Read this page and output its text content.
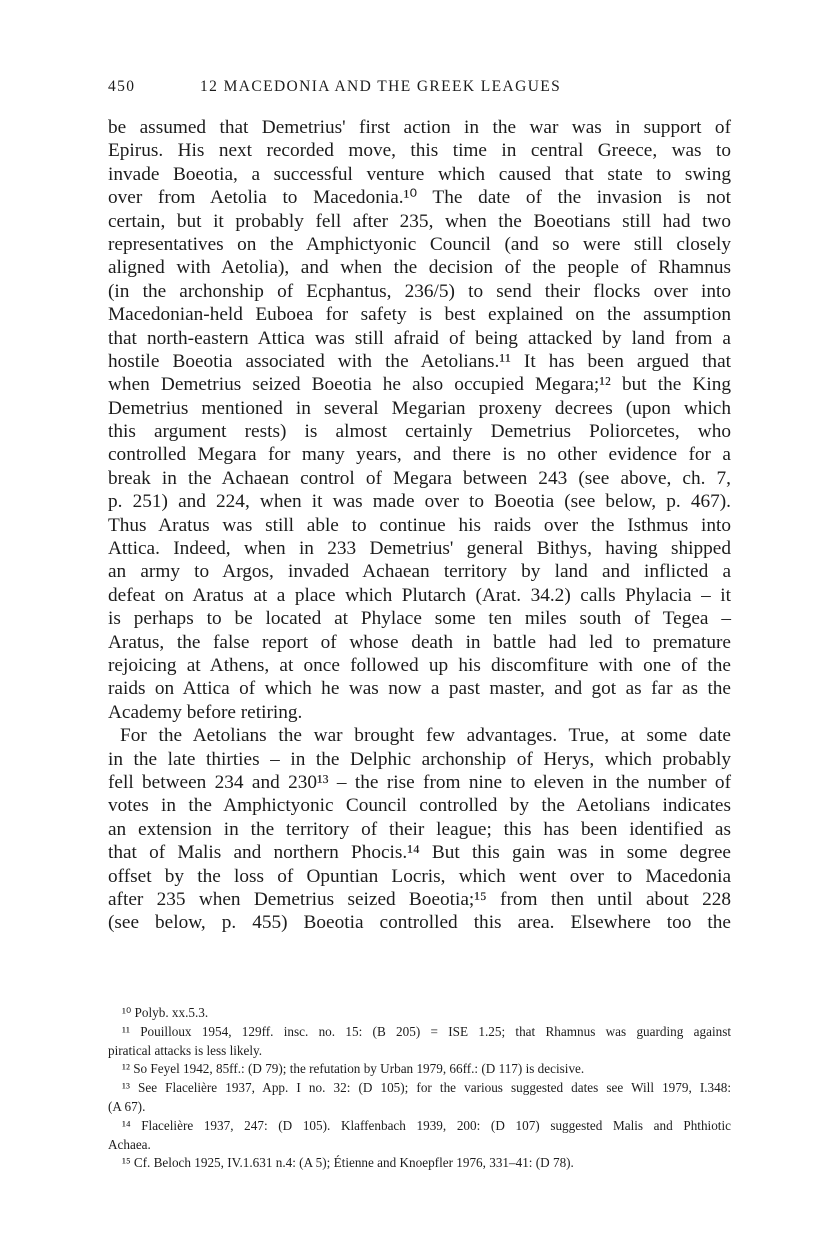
450	12 MACEDONIA AND THE GREEK LEAGUES
be assumed that Demetrius' first action in the war was in support of
Epirus. His next recorded move, this time in central Greece, was to
invade Boeotia, a successful venture which caused that state to swing
over from Aetolia to Macedonia.¹⁰ The date of the invasion is not
certain, but it probably fell after 235, when the Boeotians still had two
representatives on the Amphictyonic Council (and so were still closely
aligned with Aetolia), and when the decision of the people of Rhamnus
(in the archonship of Ecphantus, 236/5) to send their flocks over into
Macedonian-held Euboea for safety is best explained on the assumption
that north-eastern Attica was still afraid of being attacked by land from a
hostile Boeotia associated with the Aetolians.¹¹ It has been argued that
when Demetrius seized Boeotia he also occupied Megara;¹² but the King
Demetrius mentioned in several Megarian proxeny decrees (upon which
this argument rests) is almost certainly Demetrius Poliorcetes, who
controlled Megara for many years, and there is no other evidence for a
break in the Achaean control of Megara between 243 (see above, ch. 7,
p. 251) and 224, when it was made over to Boeotia (see below, p. 467).
Thus Aratus was still able to continue his raids over the Isthmus into
Attica. Indeed, when in 233 Demetrius' general Bithys, having shipped
an army to Argos, invaded Achaean territory by land and inflicted a
defeat on Aratus at a place which Plutarch (Arat. 34.2) calls Phylacia – it
is perhaps to be located at Phylace some ten miles south of Tegea –
Aratus, the false report of whose death in battle had led to premature
rejoicing at Athens, at once followed up his discomfiture with one of the
raids on Attica of which he was now a past master, and got as far as the
Academy before retiring.
For the Aetolians the war brought few advantages. True, at some date
in the late thirties – in the Delphic archonship of Herys, which probably
fell between 234 and 230¹³ – the rise from nine to eleven in the number of
votes in the Amphictyonic Council controlled by the Aetolians indicates
an extension in the territory of their league; this has been identified as
that of Malis and northern Phocis.¹⁴ But this gain was in some degree
offset by the loss of Opuntian Locris, which went over to Macedonia
after 235 when Demetrius seized Boeotia;¹⁵ from then until about 228
(see below, p. 455) Boeotia controlled this area. Elsewhere too the
¹⁰ Polyb. xx.5.3.
¹¹ Pouilloux 1954, 129ff. insc. no. 15: (B 205) = ISE 1.25; that Rhamnus was guarding against
piratical attacks is less likely.
¹² So Feyel 1942, 85ff.: (D 79); the refutation by Urban 1979, 66ff.: (D 117) is decisive.
¹³ See Flacelière 1937, App. I no. 32: (D 105); for the various suggested dates see Will 1979, I.348:
(A 67).
¹⁴ Flacelière 1937, 247: (D 105). Klaffenbach 1939, 200: (D 107) suggested Malis and Phthiotic
Achaea.
¹⁵ Cf. Beloch 1925, IV.1.631 n.4: (A 5); Étienne and Knoepfler 1976, 331–41: (D 78).
